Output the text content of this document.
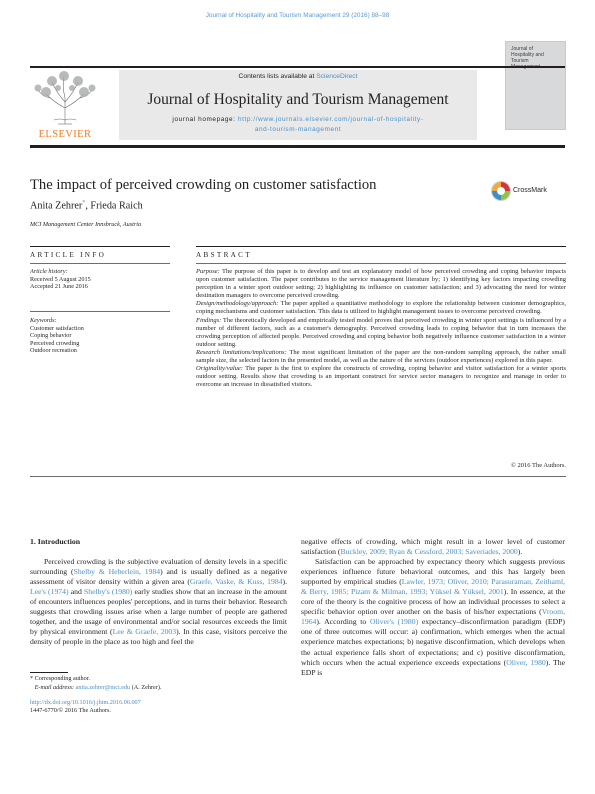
Journal of Hospitality and Tourism Management 29 (2016) 88–98
Journal of Hospitality and Tourism
Contents lists available at ScienceDirect
Journal of Hospitality and Tourism Management
journal homepage: http://www.journals.elsevier.com/journal-of-hospitality-
and-tourism-management
ELSEVIER
The impact of perceived crowding on customer satisfaction	CrossMark
Anita Zehrer*, Frieda Raich
MCI Management Center Innsbruck, Austria
ARTICLE INFO	ABSTRACT
Article history:
Received 5 August 2015
Accepted 21 June 2016
Keywords:
Customer satisfaction
Coping behavior
Perceived crowding
Outdoor recreation

Purpose: The purpose of this paper is to develop and test an explanatory model of how perceived crowding and coping behavior impacts upon customer satisfaction. The paper contributes to the service management literature by; 1) identifying key factors impacting crowding perception in a winter sport outdoor setting; 2) highlighting its influence on customer satisfaction; and 3) advocating the need for winter destination managers to overcome perceived crowding.

Design/methodology/approach: The paper applied a quantitative methodology to explore the relationship between customer demographics, coping mechanisms and customer satisfaction. This data is utilized to highlight management issues to overcome perceived crowding.

Findings: The theoretically developed and empirically tested model proves that perceived crowding in winter sport settings is influenced by a number of different factors, such as a customer's demography. Perceived crowding leads to coping behavior that in turn increases the crowding perception of affected people. Perceived crowding and coping behavior both negatively influence customer satisfaction in a winter outdoor setting.

Research limitations/implications: The most significant limitation of the paper are the non-random sampling approach, the rather small sample size, the selected factors in the presented model, as well as the nature of the services (outdoor experiences) explored in this paper.

Originality/value: The paper is the first to explore the constructs of crowding, coping behavior and visitor satisfaction for a winter sports outdoor setting. Results show that crowding is an important construct for service sector managers to recognize and manage in order to overcome an increase in dissatisfied visitors.

© 2016 The Authors.
1. Introduction

Perceived crowding is the subjective evaluation of density levels in a specific surrounding (Shelby & Heberlein, 1984) and is usually defined as a negative assessment of visitor density within a given area (Graefe, Vaske, & Kuss, 1984). Lee's (1974) and Shelby's (1980) early studies show that an increase in the amount of encounters influences peoples' perceptions, and in turns their behavior. Research suggests that crowding issues arise when a large number of people are gathered together, and the usage of environmental and/or social resources exceeds the limit by physical environment (Lee & Graefe, 2003). In this case, visitors perceive the density of people in the place as too high and feel the

negative effects of crowding, which might result in a lower level of customer satisfaction (Buckley, 2009; Ryan & Cessford, 2003; Saveriades, 2000).

Satisfaction can be approached by expectancy theory which suggests previous experiences influence future behavioral outcomes, and this has largely been supported by empirical studies (Lawler, 1973; Oliver, 2010; Parasuraman, Zeithaml, & Berry, 1985; Pizam & Milman, 1993; Yüksel & Yüksel, 2001). In essence, at the core of the theory is the cognitive process of how an individual processes to select a specific behavior option over another on the basis of his/her expectations (Vroom, 1964). According to Oliver's (1980) expectancy–disconfirmation paradigm (EDP) one of three outcomes will occur: a) confirmation, which emerges when the actual experience matches expectations; b) negative disconfirmation, which develops when the actual experience falls short of expectations; and c) positive disconfirmation, which occurs when the actual experience exceeds expectations (Oliver, 1980). The EDP is

* Corresponding author.
E-mail address: anita.zehrer@mci.edu (A. Zehrer).
http://dx.doi.org/10.1016/j.jhtm.2016.06.007
1447-6770/© 2016 The Authors.
